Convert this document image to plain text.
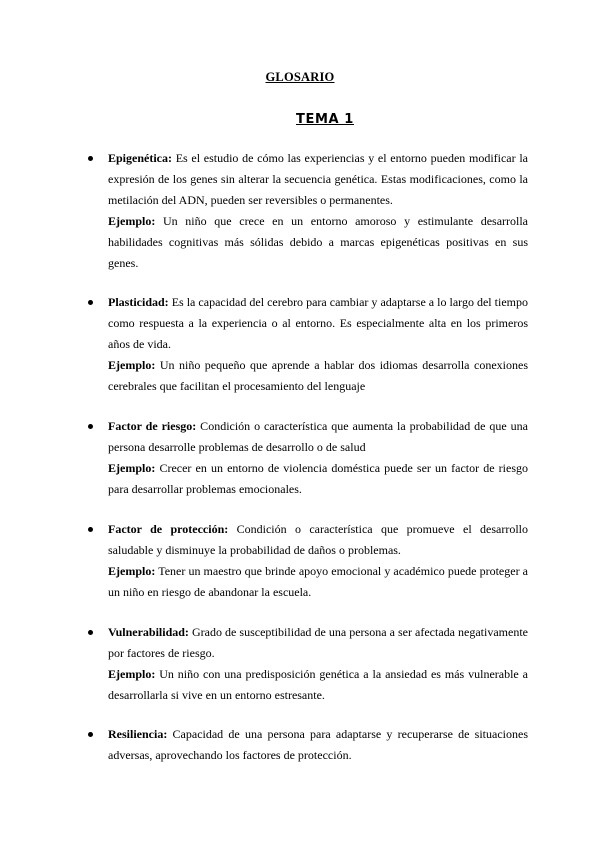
GLOSARIO
TEMA 1

Epigenética: Es el estudio de cómo las experiencias y el entorno pueden modificar la expresión de los genes sin alterar la secuencia genética. Estas modificaciones, como la metilación del ADN, pueden ser reversibles o permanentes.

Ejemplo: Un niño que crece en un entorno amoroso y estimulante desarrolla habilidades cognitivas más sólidas debido a marcas epigenéticas positivas en sus genes.

Plasticidad: Es la capacidad del cerebro para cambiar y adaptarse a lo largo del tiempo como respuesta a la experiencia o al entorno. Es especialmente alta en los primeros años de vida.

Ejemplo: Un niño pequeño que aprende a hablar dos idiomas desarrolla conexiones cerebrales que facilitan el procesamiento del lenguaje

Factor de riesgo: Condición o característica que aumenta la probabilidad de que una persona desarrolle problemas de desarrollo o de salud

Ejemplo: Crecer en un entorno de violencia doméstica puede ser un factor de riesgo para desarrollar problemas emocionales.

Factor de protección: Condición o característica que promueve el desarrollo saludable y disminuye la probabilidad de daños o problemas.

Ejemplo: Tener un maestro que brinde apoyo emocional y académico puede proteger a un niño en riesgo de abandonar la escuela.

Vulnerabilidad: Grado de susceptibilidad de una persona a ser afectada negativamente por factores de riesgo.

Ejemplo: Un niño con una predisposición genética a la ansiedad es más vulnerable a desarrollarla si vive en un entorno estresante.

Resiliencia: Capacidad de una persona para adaptarse y recuperarse de situaciones adversas, aprovechando los factores de protección.
